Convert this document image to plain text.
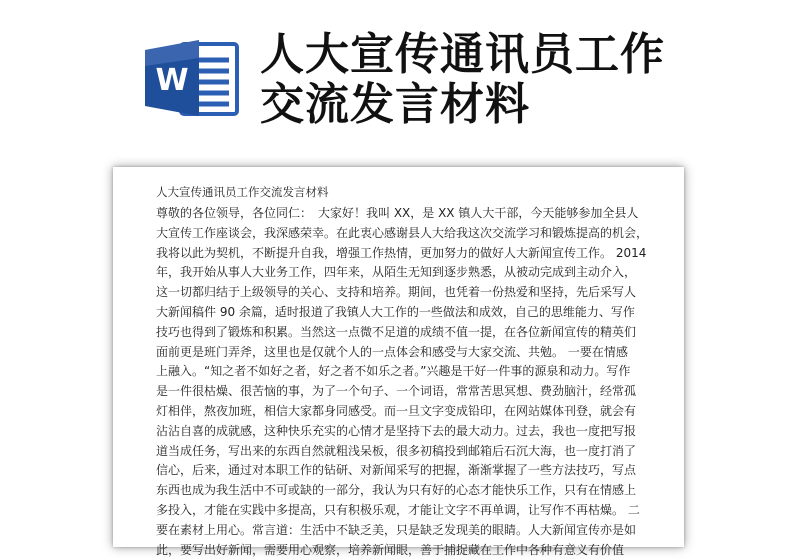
W
人大宣传通讯员工作
交流发言材料

人大宣传通讯员工作交流发言材料

尊敬的各位领导，各位同仁：　大家好！我叫 XX，是 XX 镇人大干部，今天能够参加全县人
大宣传工作座谈会，我深感荣幸。在此衷心感谢县人大给我这次交流学习和锻炼提高的机会，
我将以此为契机，不断提升自我，增强工作热情，更加努力的做好人大新闻宣传工作。 2014
年，我开始从事人大业务工作，四年来，从陌生无知到逐步熟悉，从被动完成到主动介入，
这一切都归结于上级领导的关心、支持和培养。期间，也凭着一份热爱和坚持，先后采写人
大新闻稿件 90 余篇，适时报道了我镇人大工作的一些做法和成效，自己的思维能力、写作
技巧也得到了锻炼和积累。当然这一点微不足道的成绩不值一提，在各位新闻宣传的精英们
面前更是班门弄斧，这里也是仅就个人的一点体会和感受与大家交流、共勉。 一要在情感
上融入。“知之者不如好之者，好之者不如乐之者。”兴趣是干好一件事的源泉和动力。写作
是一件很枯燥、很苦恼的事，为了一个句子、一个词语，常常苦思冥想、费劲脑汁，经常孤
灯相伴，熬夜加班，相信大家都身同感受。而一旦文字变成铅印，在网站媒体刊登，就会有
沾沾自喜的成就感，这种快乐充实的心情才是坚持下去的最大动力。过去，我也一度把写报
道当成任务，写出来的东西自然就粗浅呆板，很多初稿投到邮箱后石沉大海，也一度打消了
信心，后来，通过对本职工作的钻研、对新闻采写的把握，渐渐掌握了一些方法技巧，写点
东西也成为我生活中不可或缺的一部分，我认为只有好的心态才能快乐工作，只有在情感上
多投入，才能在实践中多提高，只有积极乐观，才能让文字不再单调，让写作不再枯燥。 二
要在素材上用心。常言道：生活中不缺乏美，只是缺乏发现美的眼睛。人大新闻宣传亦是如
此，要写出好新闻，需要用心观察，培养新闻眼，善于捕捉藏在工作中各种有意义有价值
